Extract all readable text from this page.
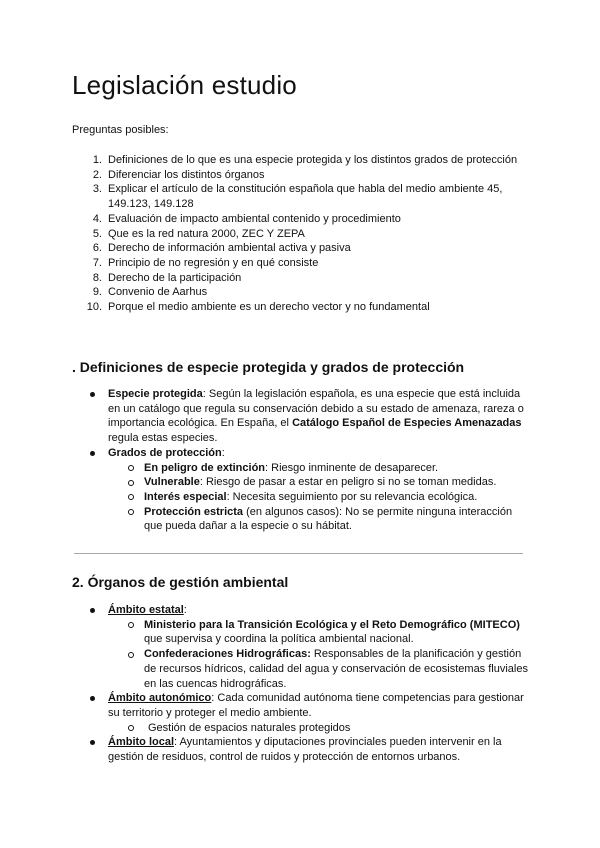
Legislación estudio

Preguntas posibles:

1. Definiciones de lo que es una especie protegida y los distintos grados de protección
2. Diferenciar los distintos órganos
3. Explicar el artículo de la constitución española que habla del medio ambiente 45, 149.123, 149.128
4. Evaluación de impacto ambiental contenido y procedimiento
5. Que es la red natura 2000, ZEC Y ZEPA
6. Derecho de información ambiental activa y pasiva
7. Principio de no regresión y en qué consiste
8. Derecho de la participación
9. Convenio de Aarhus
10. Porque el medio ambiente es un derecho vector y no fundamental
. Definiciones de especie protegida y grados de protección
Especie protegida: Según la legislación española, es una especie que está incluida en un catálogo que regula su conservación debido a su estado de amenaza, rareza o importancia ecológica. En España, el Catálogo Español de Especies Amenazadas regula estas especies.
Grados de protección:
En peligro de extinción: Riesgo inminente de desaparecer.
Vulnerable: Riesgo de pasar a estar en peligro si no se toman medidas.
Interés especial: Necesita seguimiento por su relevancia ecológica.
Protección estricta (en algunos casos): No se permite ninguna interacción que pueda dañar a la especie o su hábitat.
2. Órganos de gestión ambiental
Ámbito estatal:
Ministerio para la Transición Ecológica y el Reto Demográfico (MITECO) que supervisa y coordina la política ambiental nacional.
Confederaciones Hidrográficas: Responsables de la planificación y gestión de recursos hídricos, calidad del agua y conservación de ecosistemas fluviales en las cuencas hidrográficas.
Ámbito autonómico: Cada comunidad autónoma tiene competencias para gestionar su territorio y proteger el medio ambiente.
Gestión de espacios naturales protegidos
Ámbito local: Ayuntamientos y diputaciones provinciales pueden intervenir en la gestión de residuos, control de ruidos y protección de entornos urbanos.
